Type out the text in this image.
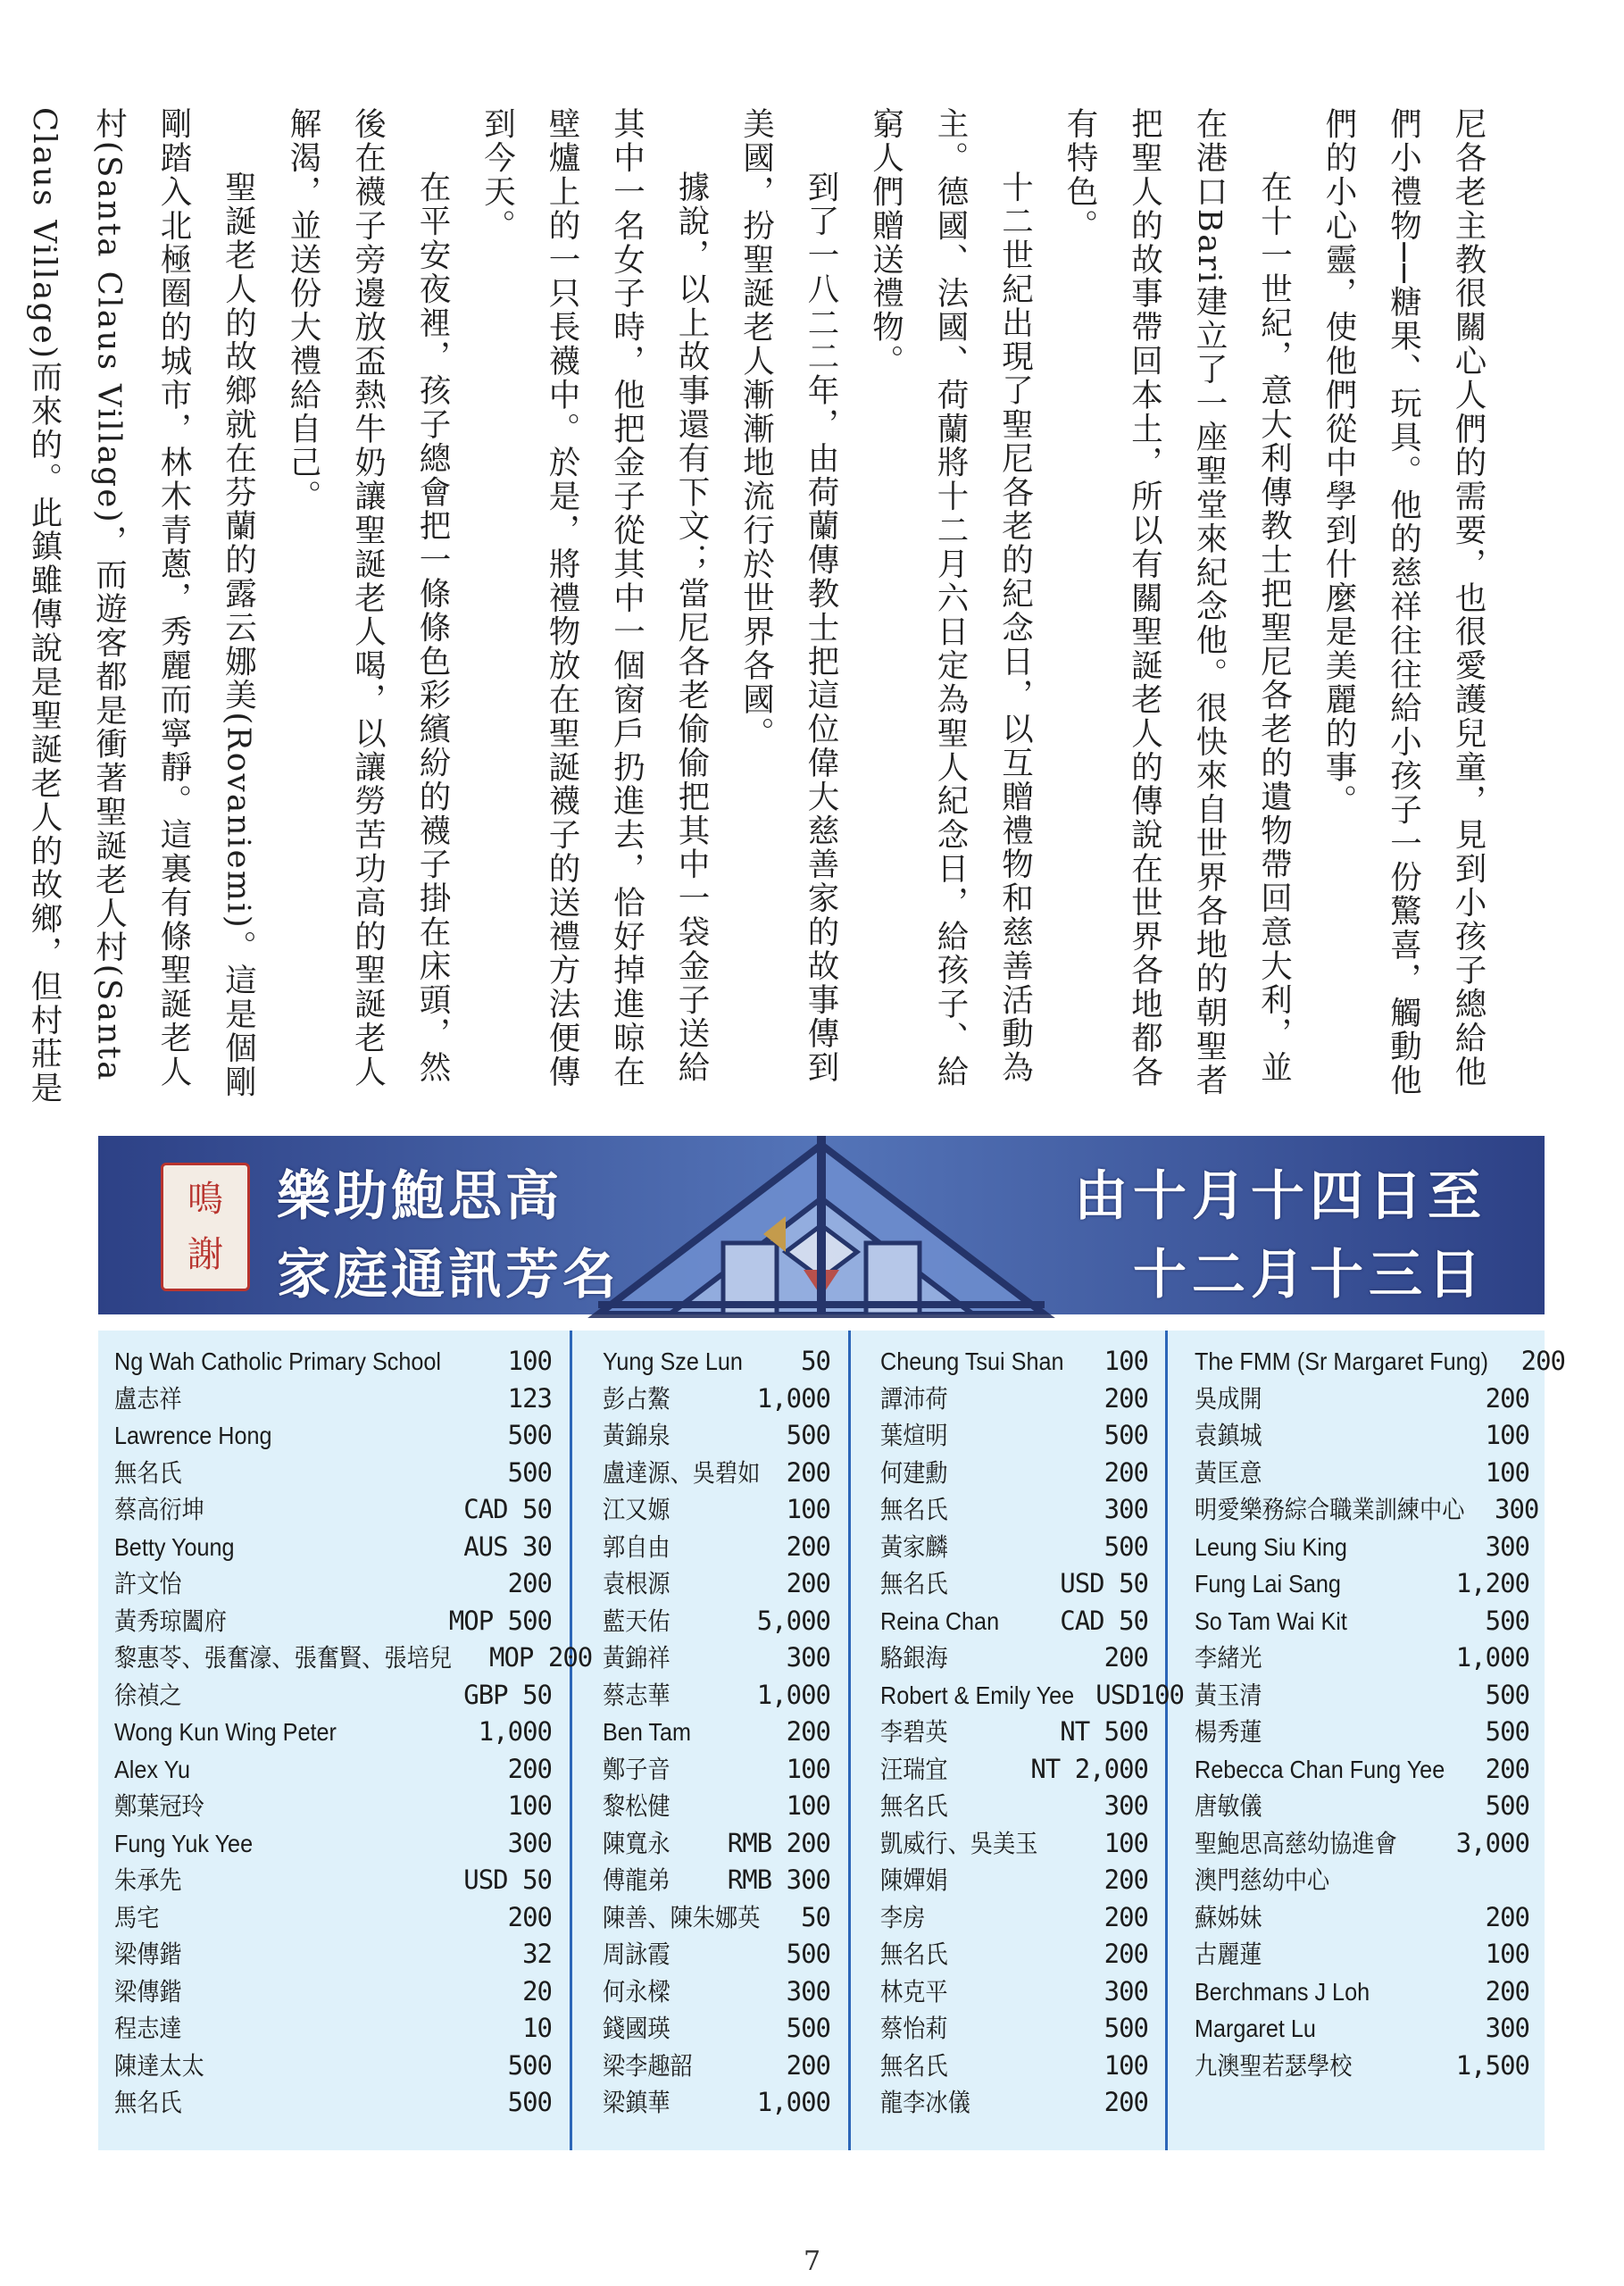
尼各老主教很關心人們的需要，也很愛護兒童，見到小孩子總給他們小禮物──糖果、玩具。他的慈祥往往給小孩子一份驚喜，觸動他們的小心靈，使他們從中學到什麼是美麗的事。

在十一世紀，意大利傳教士把聖尼各老的遺物帶回意大利，並在港口Bari建立了一座聖堂來紀念他。很快來自世界各地的朝聖者把聖人的故事帶回本土，所以有關聖誕老人的傳說在世界各地都各有特色。

十二世紀出現了聖尼各老的紀念日，以互贈禮物和慈善活動為主。德國、法國、荷蘭將十二月六日定為聖人紀念日，給孩子、給窮人們贈送禮物。

到了一八二二年，由荷蘭傳教士把這位偉大慈善家的故事傳到美國，扮聖誕老人漸漸地流行於世界各國。

據說，以上故事還有下文；當尼各老偷偷把其中一袋金子送給其中一名女子時，他把金子從其中一個窗戶扔進去，恰好掉進晾在壁爐上的一只長襪中。於是，將禮物放在聖誕襪子的送禮方法便傳到今天。

在平安夜裡，孩子總會把一條條色彩繽紛的襪子掛在床頭，然後在襪子旁邊放盃熱牛奶讓聖誕老人喝，以讓勞苦功高的聖誕老人解渴，並送份大禮給自己。

聖誕老人的故鄉就在芬蘭的露云娜美(Rovaniemi)。這是個剛剛踏入北極圈的城市，林木青蔥，秀麗而寧靜。這裏有條聖誕老人村(Santa Claus Village)，而遊客都是衝著聖誕老人村(Santa Claus Village)而來的。此鎮雖傳說是聖誕老人的故鄉，但村莊是

鳴
謝
樂助鮑思高
家庭通訊芳名
由十月十四日至
十二月十三日
Ng Wah Catholic Primary School	100
盧志祥	123
Lawrence Hong	500
無名氏	500
蔡高衍坤	CAD 50
Betty Young	AUS 30
許文怡	200
黃秀琼闔府	MOP 500
黎惠苓、張奮濠、張奮賢、張培兒 MOP 200
徐禎之	GBP 50
Wong Kun Wing Peter	1,000
Alex Yu	200
鄭葉冠玲	100
Fung Yuk Yee	300
朱承先	USD 50
馬宅	200
梁傳鍇	32
梁傳鍇	20
程志達	10
陳達太太	500
無名氏	500
Yung Sze Lun 50
彭占鰲	1,000
黃錦泉	500
盧達源、吳碧如 200
江又嫄	100
郭自由	200
袁根源	200
藍天佑	5,000
黃錦祥	300
蔡志華	1,000
Ben Tam	200
鄭子音	100
黎松健	100
陳寬永 RMB 200
傅龍弟 RMB 300
陳善、陳朱娜英 50
周詠霞	500
何永樑	300
錢國瑛	500
梁李趣韶	200
梁鎮華	1,000
Cheung Tsui Shan 100
譚沛荷	200
葉煊明	500
何建勳	200
無名氏	300
黃家麟	500
無名氏	USD 50
Reina Chan CAD 50
駱銀海	200
Robert & Emily Yee USD100
李碧英	NT 500
汪瑞宜	NT 2,000
無名氏	300
凱威行、吳美玉	100
陳嬋娟	200
李房	200
無名氏	200
林克平	300
蔡怡莉	500
無名氏	100
龍李冰儀	200
The FMM (Sr Margaret Fung) 200
吳成開	200
袁鎮城	100
黃匡意	100
明愛樂務綜合職業訓練中心 300
Leung Siu King	300
Fung Lai Sang	1,200
So Tam Wai Kit	500
李緒光	1,000
黃玉清	500
楊秀蓮	500
Rebecca Chan Fung Yee 200
唐敏儀	500
聖鮑思高慈幼協進會 3,000
澳門慈幼中心
蘇姊妹	200
古麗蓮	100
Berchmans J Loh	200
Margaret Lu	300
九澳聖若瑟學校	1,500
7
